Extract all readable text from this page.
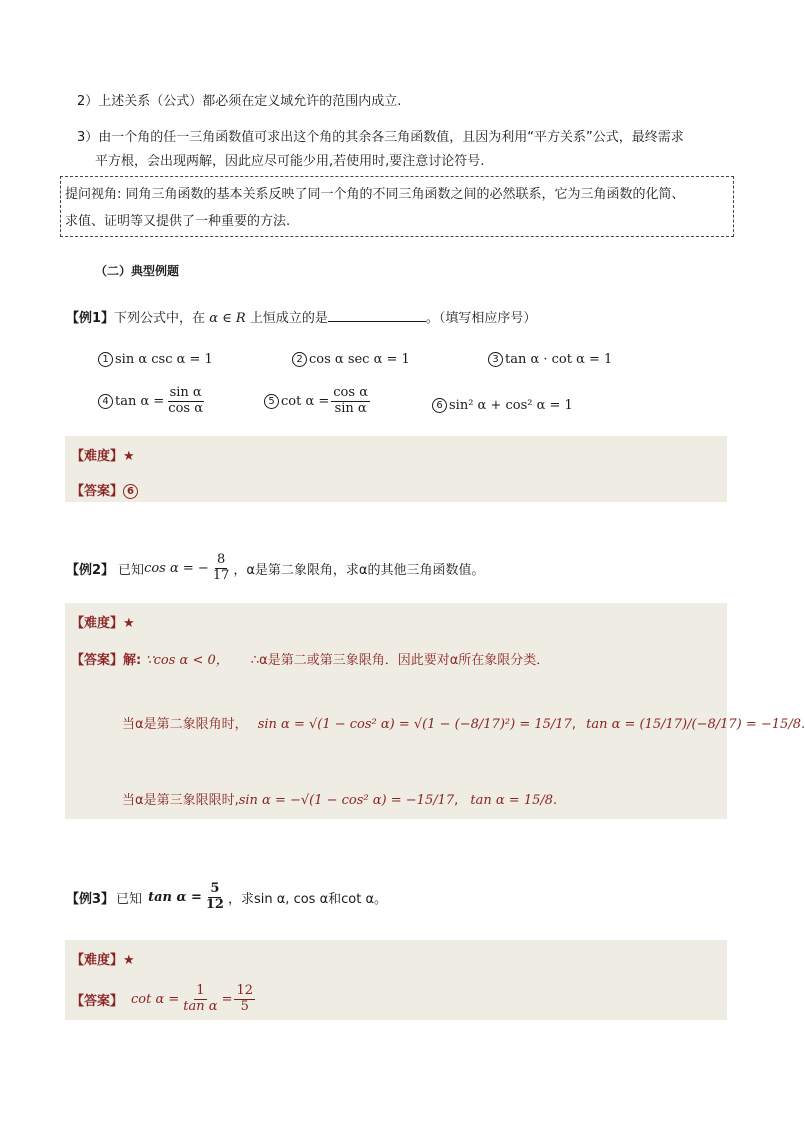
2）上述关系（公式）都必须在定义域允许的范围内成立.
3）由一个角的任一三角函数值可求出这个角的其余各三角函数值，且因为利用“平方关系”公式，最终需求
平方根，会出现两解，因此应尽可能少用,若使用时,要注意讨论符号.
提问视角: 同角三角函数的基本关系反映了同一个角的不同三角函数之间的必然联系，它为三角函数的化简、
求值、证明等又提供了一种重要的方法.
（二）典型例题
【例1】下列公式中，在 α ∈ R 上恒成立的是	。（填写相应序号）
1 sin α csc α = 1	2 cos α sec α = 1	3 tan α · cot α = 1
4 $\tan \alpha = \frac{\text{sin α}}{\text{cos α}}$	5 $\cot \alpha = \frac{\text{cos α}}{\text{sin α}}$	6 sin² α + cos² α = 1
【难度】★
【答案】 6
【例2】 已知 cos α = − $\frac{8}{17}$ ，α是第二象限角，求α的其他三角函数值。
【难度】★
【答案】解: ∵cos α < 0， ∴α是第二或第三象限角．因此要对α所在象限分类．
当α是第二象限角时， sin α = √(1 − cos² α) = √(1 − (−8/17)²) = 15/17, tan α = (15/17)/(−8/17) = −15/8.
当α是第三象限限时,sin α = −√(1 − cos² α) = −15/17, tan α = 15/8.
【例3】 已知 $\tan \alpha = \frac{5}{12}$ ，求sin α, cos α和cot α。
【难度】★
【答案】 $\cot \alpha = \frac{1}{\text{tan α}} = \frac{12}{5}$
